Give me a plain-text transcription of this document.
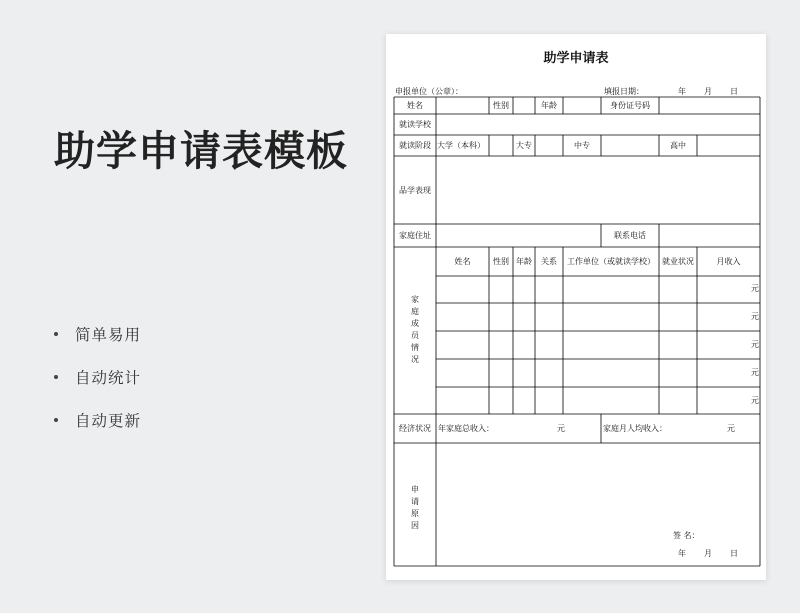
助学申请表模板
简单易用
自动统计
自动更新
助学申请表
申报单位（公章）：	填报日期：	年 月 日
姓名	性别	年龄	身份证号码
就读学校
就读阶段 大学（本科）	大专	中专	高中
品学表现
家庭住址	联系电话
家庭成员情况
姓名	性别 年龄	关系	工作单位（或就读学校） 就业状况	月收入
元
元
元
元
元
经济状况 年家庭总收入：	元	家庭月人均收入：	元
申请原因
签 名：
年 月 日
